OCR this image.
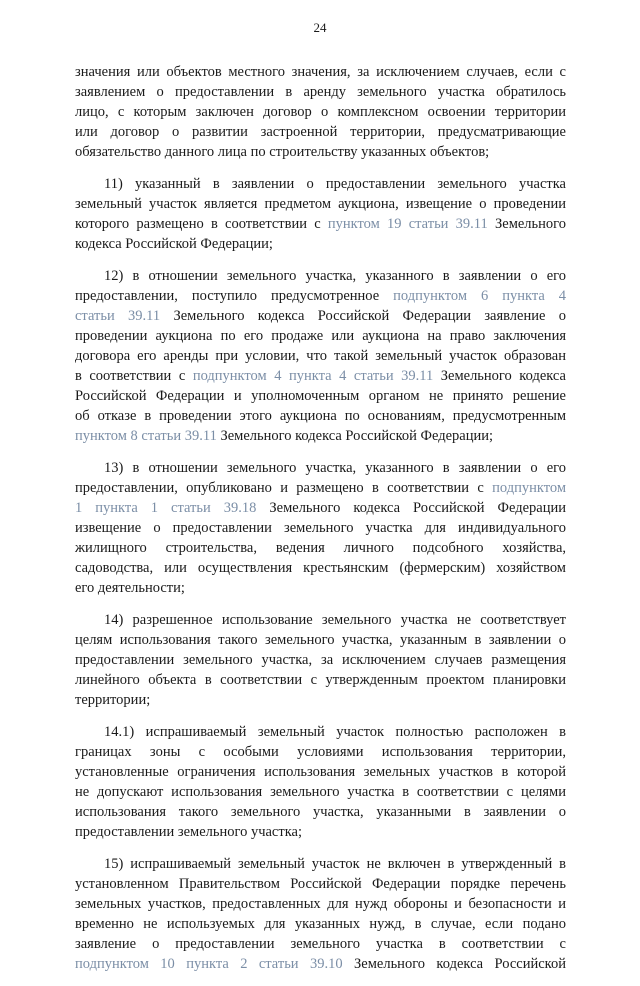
24
значения или объектов местного значения, за исключением случаев, если с
заявлением о предоставлении в аренду земельного участка обратилось
лицо, с которым заключен договор о комплексном освоении территории
или договор о развитии застроенной территории, предусматривающие
обязательство данного лица по строительству указанных объектов;
11) указанный в заявлении о предоставлении земельного участка
земельный участок является предметом аукциона, извещение о проведении
которого размещено в соответствии с пунктом 19 статьи 39.11 Земельного
кодекса Российской Федерации;
12) в отношении земельного участка, указанного в заявлении о его
предоставлении, поступило предусмотренное подпунктом 6 пункта 4
статьи 39.11 Земельного кодекса Российской Федерации заявление о
проведении аукциона по его продаже или аукциона на право заключения
договора его аренды при условии, что такой земельный участок образован
в соответствии с подпунктом 4 пункта 4 статьи 39.11 Земельного кодекса
Российской Федерации и уполномоченным органом не принято решение
об отказе в проведении этого аукциона по основаниям, предусмотренным
пунктом 8 статьи 39.11 Земельного кодекса Российской Федерации;
13) в отношении земельного участка, указанного в заявлении о его
предоставлении, опубликовано и размещено в соответствии с подпунктом
1 пункта 1 статьи 39.18 Земельного кодекса Российской Федерации
извещение о предоставлении земельного участка для индивидуального
жилищного строительства, ведения личного подсобного хозяйства,
садоводства, или осуществления крестьянским (фермерским) хозяйством
его деятельности;
14) разрешенное использование земельного участка не соответствует
целям использования такого земельного участка, указанным в заявлении о
предоставлении земельного участка, за исключением случаев размещения
линейного объекта в соответствии с утвержденным проектом планировки
территории;
14.1) испрашиваемый земельный участок полностью расположен в
границах зоны с особыми условиями использования территории,
установленные ограничения использования земельных участков в которой
не допускают использования земельного участка в соответствии с целями
использования такого земельного участка, указанными в заявлении о
предоставлении земельного участка;
15) испрашиваемый земельный участок не включен в утвержденный в
установленном Правительством Российской Федерации порядке перечень
земельных участков, предоставленных для нужд обороны и безопасности и
временно не используемых для указанных нужд, в случае, если подано
заявление о предоставлении земельного участка в соответствии с
подпунктом 10 пункта 2 статьи 39.10 Земельного кодекса Российской
